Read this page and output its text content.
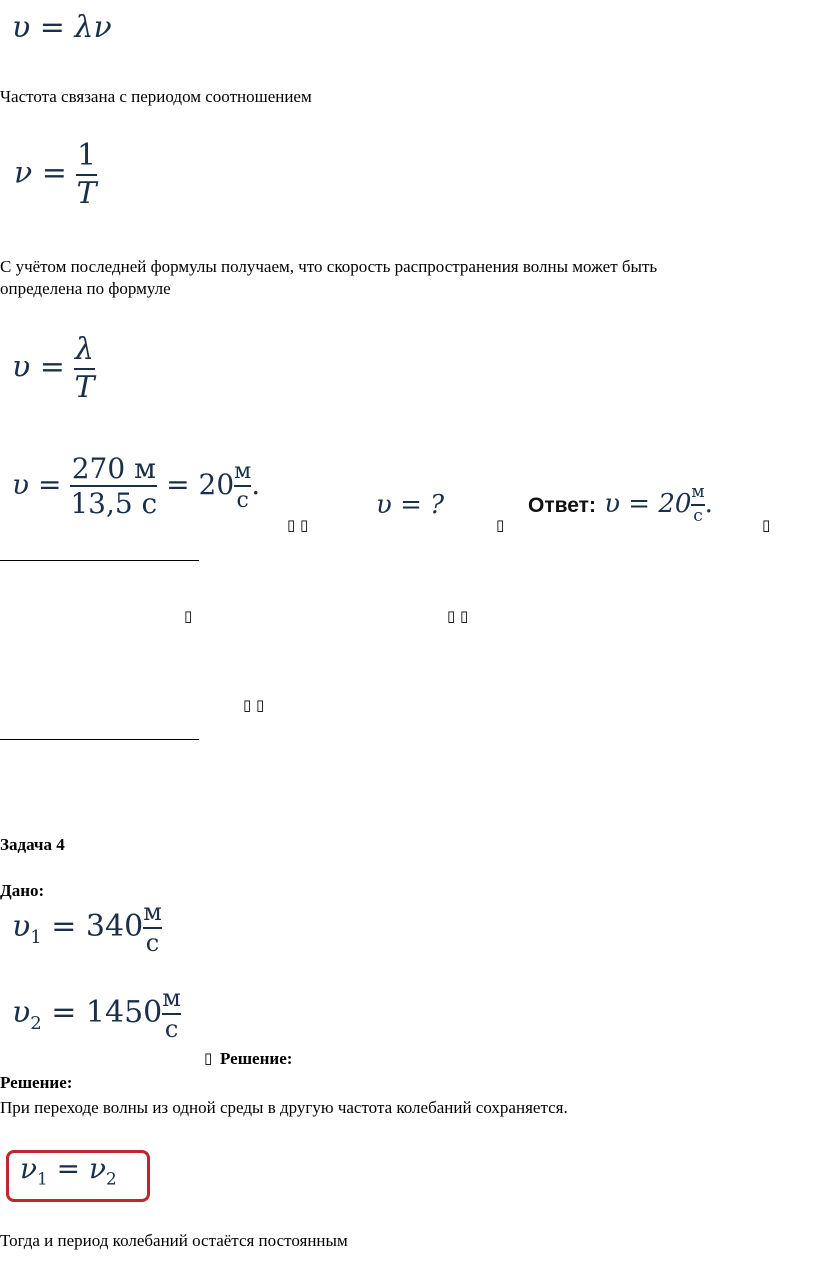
υ = λν
Частота связана с периодом соотношением
$\nu = \frac{1}{T}$
С учётом последней формулы получаем, что скорость распространения волны может быть
определена по формуле
$\upsilon = \frac{\lambda}{T}$
$\upsilon = \frac{270 м}{13,5 с} = 20 \frac{м}{с}$ .
▯ ▯
υ = ?
▯
Ответ: $\upsilon = 20 \frac{м}{с}$ .
▯
▯	▯ ▯
▯ ▯
Задача 4
Дано:
$\upsilon_1 = 340 \frac{м}{с}$
$\upsilon_2 = 1450 \frac{м}{с}$
▯ Решение:
Решение:
При переходе волны из одной среды в другую частота колебаний сохраняется.
$\nu_1 = \nu_2$
Тогда и период колебаний остаётся постоянным
